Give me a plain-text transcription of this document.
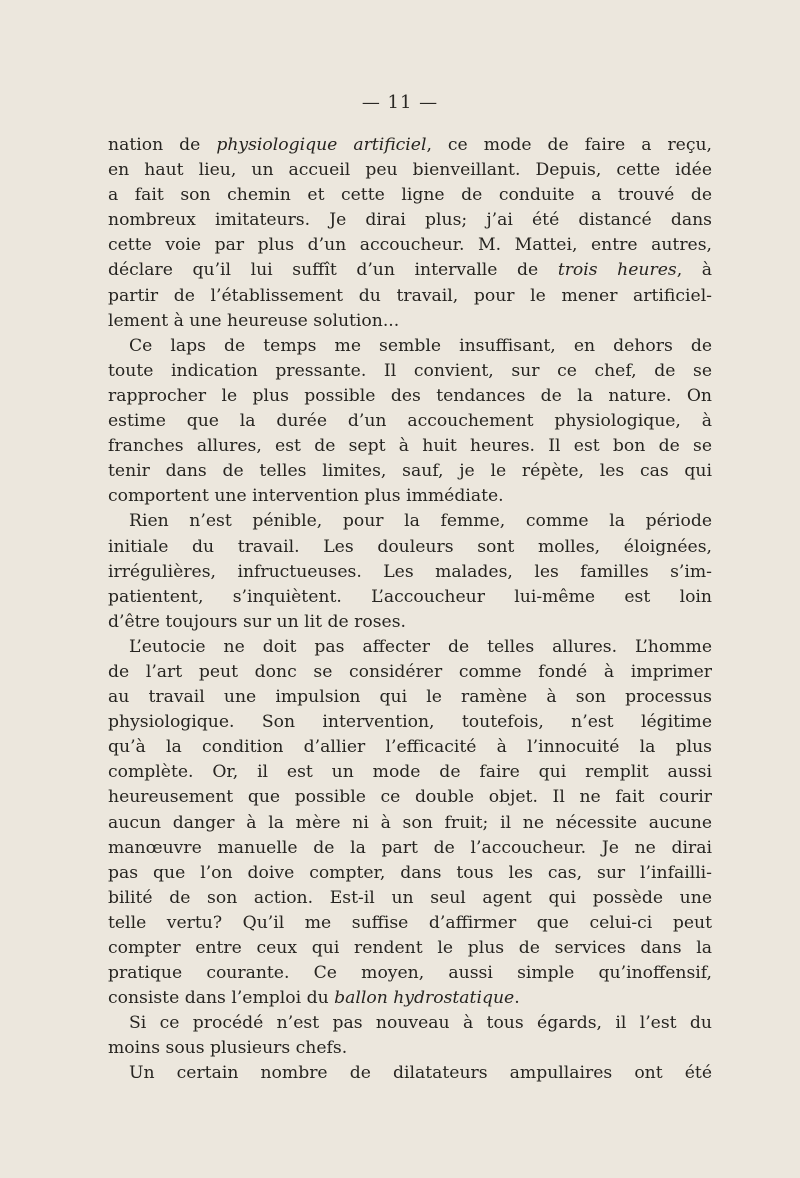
— 11 —
nation de physiologique artificiel, ce mode de faire a reçu,
en haut lieu, un accueil peu bienveillant. Depuis, cette idée
a fait son chemin et cette ligne de conduite a trouvé de
nombreux imitateurs. Je dirai plus; j’ai été distancé dans
cette voie par plus d’un accoucheur. M. Mattei, entre autres,
déclare qu’il lui suffît d’un intervalle de trois heures, à
partir de l’établissement du travail, pour le mener artificiel-
lement à une heureuse solution...
Ce laps de temps me semble insuffisant, en dehors de
toute indication pressante. Il convient, sur ce chef, de se
rapprocher le plus possible des tendances de la nature. On
estime que la durée d’un accouchement physiologique, à
franches allures, est de sept à huit heures. Il est bon de se
tenir dans de telles limites, sauf, je le répète, les cas qui
comportent une intervention plus immédiate.
Rien n’est pénible, pour la femme, comme la période
initiale du travail. Les douleurs sont molles, éloignées,
irrégulières, infructueuses. Les malades, les familles s’im-
patientent, s’inquiètent. L’accoucheur lui-même est loin
d’être toujours sur un lit de roses.
L’eutocie ne doit pas affecter de telles allures. L’homme
de l’art peut donc se considérer comme fondé à imprimer
au travail une impulsion qui le ramène à son processus
physiologique. Son intervention, toutefois, n’est légitime
qu’à la condition d’allier l’efficacité à l’innocuité la plus
complète. Or, il est un mode de faire qui remplit aussi
heureusement que possible ce double objet. Il ne fait courir
aucun danger à la mère ni à son fruit; il ne nécessite aucune
manœuvre manuelle de la part de l’accoucheur. Je ne dirai
pas que l’on doive compter, dans tous les cas, sur l’infailli-
bilité de son action. Est-il un seul agent qui possède une
telle vertu? Qu’il me suffise d’affirmer que celui-ci peut
compter entre ceux qui rendent le plus de services dans la
pratique courante. Ce moyen, aussi simple qu’inoffensif,
consiste dans l’emploi du ballon hydrostatique.
Si ce procédé n’est pas nouveau à tous égards, il l’est du
moins sous plusieurs chefs.
Un certain nombre de dilatateurs ampullaires ont été
